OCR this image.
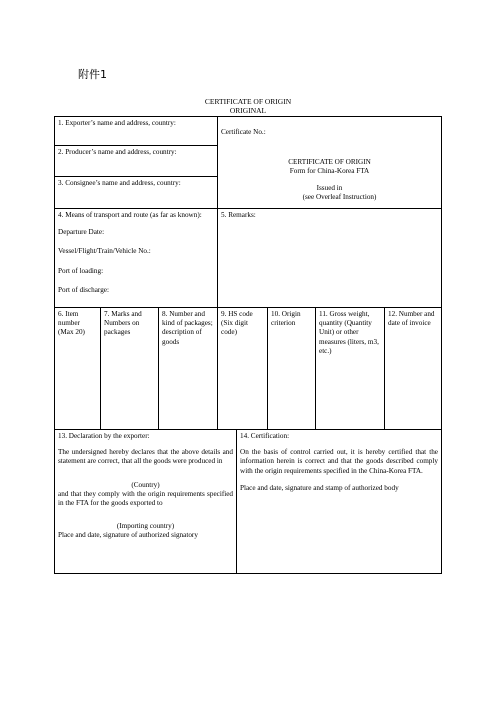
附件1
CERTIFICATE OF ORIGIN
ORIGINAL

1. Exporter’s name and address, country:

2. Producer’s name and address, country:

3. Consignee’s name and address, country:

Certificate No.:

CERTIFICATE OF ORIGIN

Form for China-Korea FTA

Issued in

(see Overleaf Instruction)

4. Means of transport and route (as far as known):

Departure Date:

Vessel/Flight/Train/Vehicle No.:

Port of loading:

Port of discharge:

5. Remarks:

6. Item number (Max 20)

7. Marks and Numbers on packages

8. Number and kind of packages; description of goods

9. HS code (Six digit code)

10. Origin criterion

11. Gross weight, quantity (Quantity Unit) or other measures (liters, m3, etc.)

12. Number and date of invoice

13. Declaration by the exporter:

The undersigned hereby declares that the above details and statement are correct, that all the goods were produced in

(Country)

and that they comply with the origin requirements specified in the FTA for the goods exported to

(Importing country)

Place and date, signature of authorized signatory

14. Certification:

On the basis of control carried out, it is hereby certified that the information herein is correct and that the goods described comply with the origin requirements specified in the China-Korea FTA.

Place and date, signature and stamp of authorized body
